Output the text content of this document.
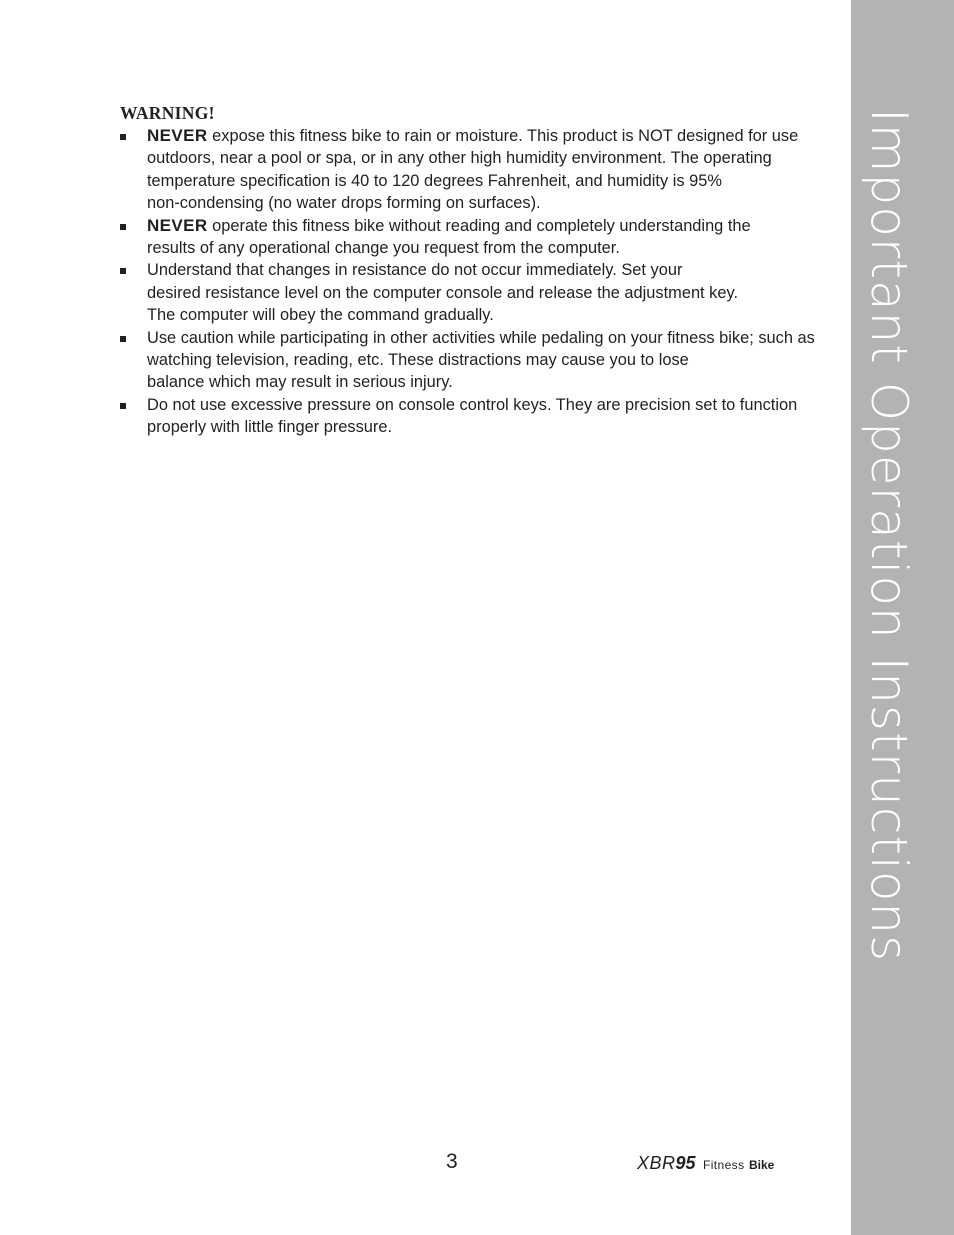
Important Operation Instructions
WARNING!
NEVER expose this fitness bike to rain or moisture. This product is NOT designed for use
outdoors, near a pool or spa, or in any other high humidity environment. The operating
temperature specification is 40 to 120 degrees Fahrenheit, and humidity is 95%
non-condensing (no water drops forming on surfaces).
NEVER operate this fitness bike without reading and completely understanding the
results of any operational change you request from the computer.
Understand that changes in resistance do not occur immediately. Set your
desired resistance level on the computer console and release the adjustment key.
The computer will obey the command gradually.
Use caution while participating in other activities while pedaling on your fitness bike; such as
watching television, reading, etc. These distractions may cause you to lose
balance which may result in serious injury.
Do not use excessive pressure on console control keys. They are precision set to function
properly with little finger pressure.
3	XBR95 Fitness Bike
